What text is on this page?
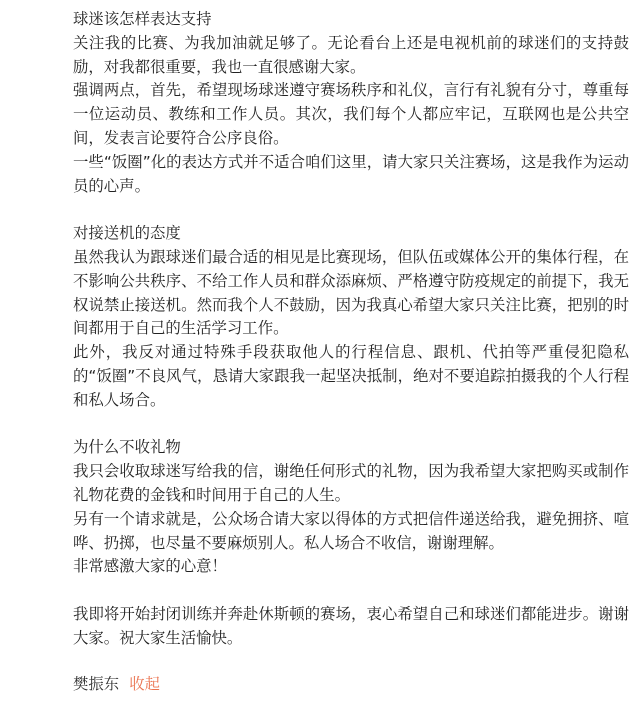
球迷该怎样表达支持
关注我的比赛、为我加油就足够了。无论看台上还是电视机前的球迷们的支持鼓励，对我都很重要，我也一直很感谢大家。
强调两点，首先，希望现场球迷遵守赛场秩序和礼仪，言行有礼貌有分寸，尊重每一位运动员、教练和工作人员。其次，我们每个人都应牢记，互联网也是公共空间，发表言论要符合公序良俗。
一些“饭圈”化的表达方式并不适合咱们这里，请大家只关注赛场，这是我作为运动员的心声。
对接送机的态度
虽然我认为跟球迷们最合适的相见是比赛现场，但队伍或媒体公开的集体行程，在不影响公共秩序、不给工作人员和群众添麻烦、严格遵守防疫规定的前提下，我无权说禁止接送机。然而我个人不鼓励，因为我真心希望大家只关注比赛，把别的时间都用于自己的生活学习工作。
此外，我反对通过特殊手段获取他人的行程信息、跟机、代拍等严重侵犯隐私的“饭圈”不良风气，恳请大家跟我一起坚决抵制，绝对不要追踪拍摄我的个人行程和私人场合。
为什么不收礼物
我只会收取球迷写给我的信，谢绝任何形式的礼物，因为我希望大家把购买或制作礼物花费的金钱和时间用于自己的人生。
另有一个请求就是，公众场合请大家以得体的方式把信件递送给我，避免拥挤、喧哗、扔掷，也尽量不要麻烦别人。私人场合不收信，谢谢理解。
非常感激大家的心意！
我即将开始封闭训练并奔赴休斯顿的赛场，衷心希望自己和球迷们都能进步。谢谢大家。祝大家生活愉快。
樊振东 收起
